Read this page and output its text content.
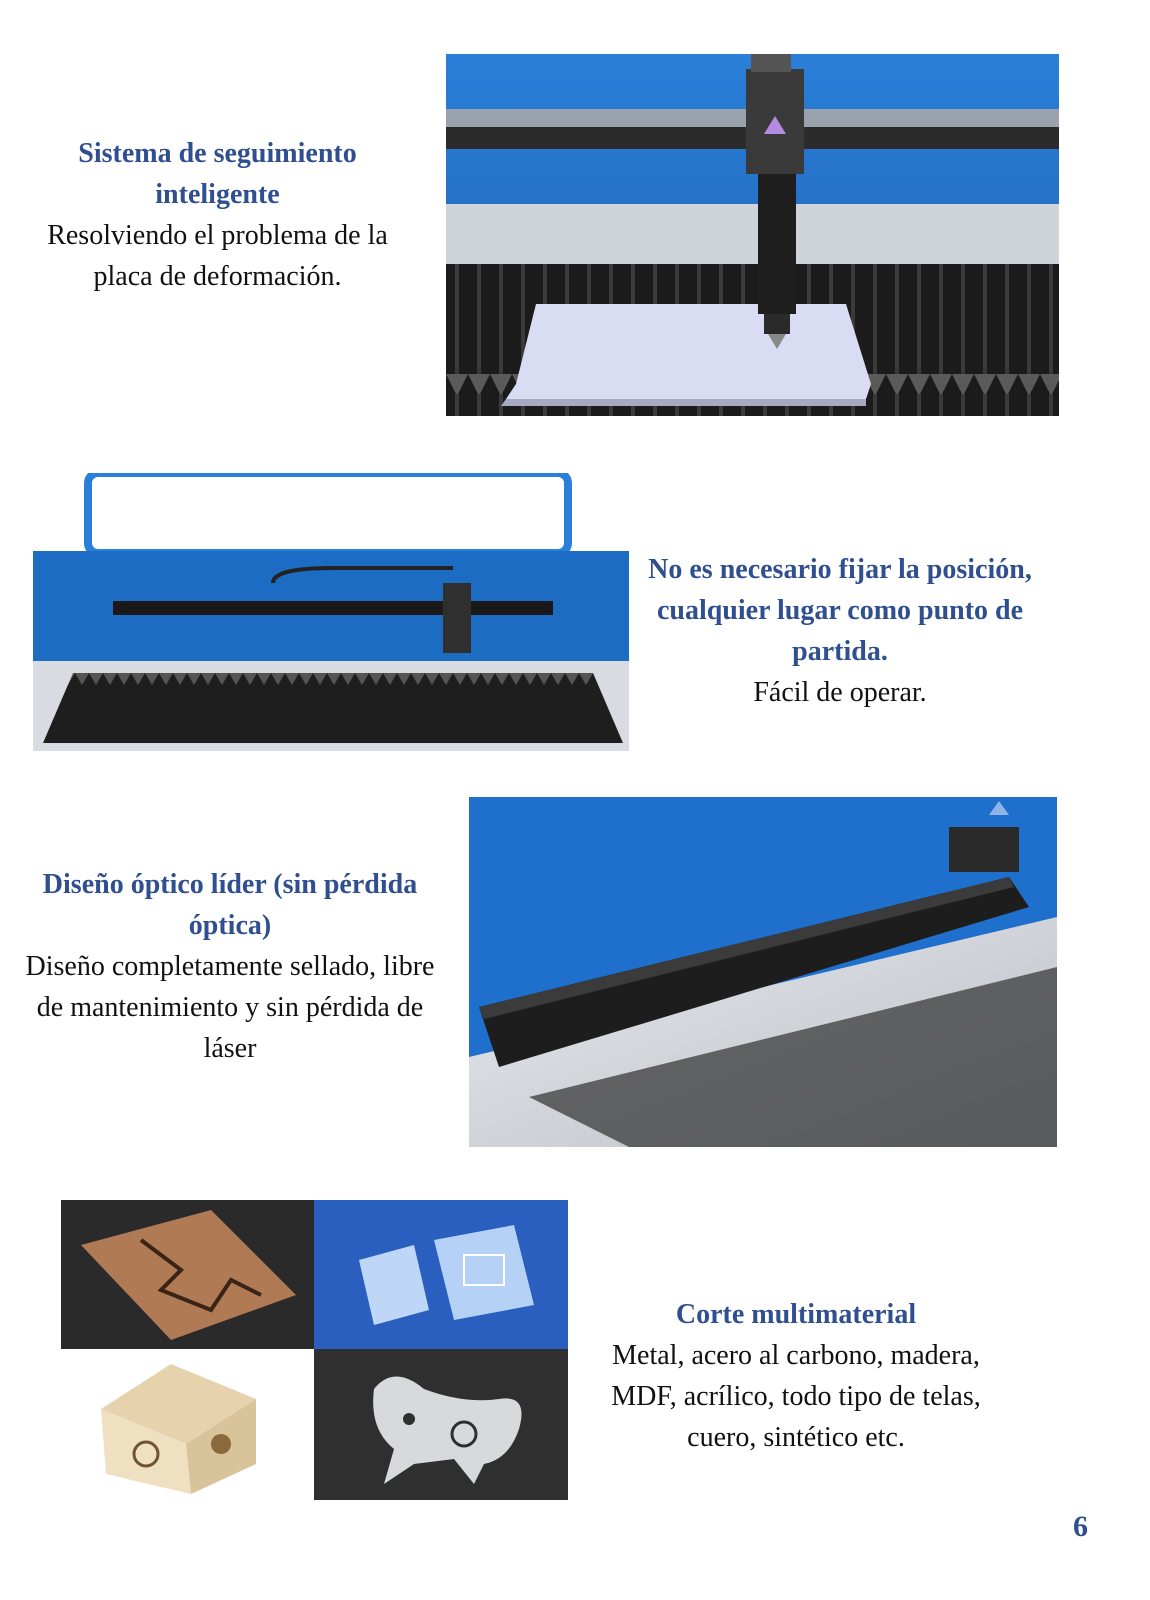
Sistema de seguimiento inteligente
Resolviendo el problema de la placa de deformación.
No es necesario fijar la posición, cualquier lugar como punto de partida.
Fácil de operar.
Diseño óptico líder (sin pérdida óptica)
Diseño completamente sellado, libre de mantenimiento y sin pérdida de láser
Corte multimaterial
Metal, acero al carbono, madera, MDF, acrílico, todo tipo de telas, cuero, sintético etc.
6
